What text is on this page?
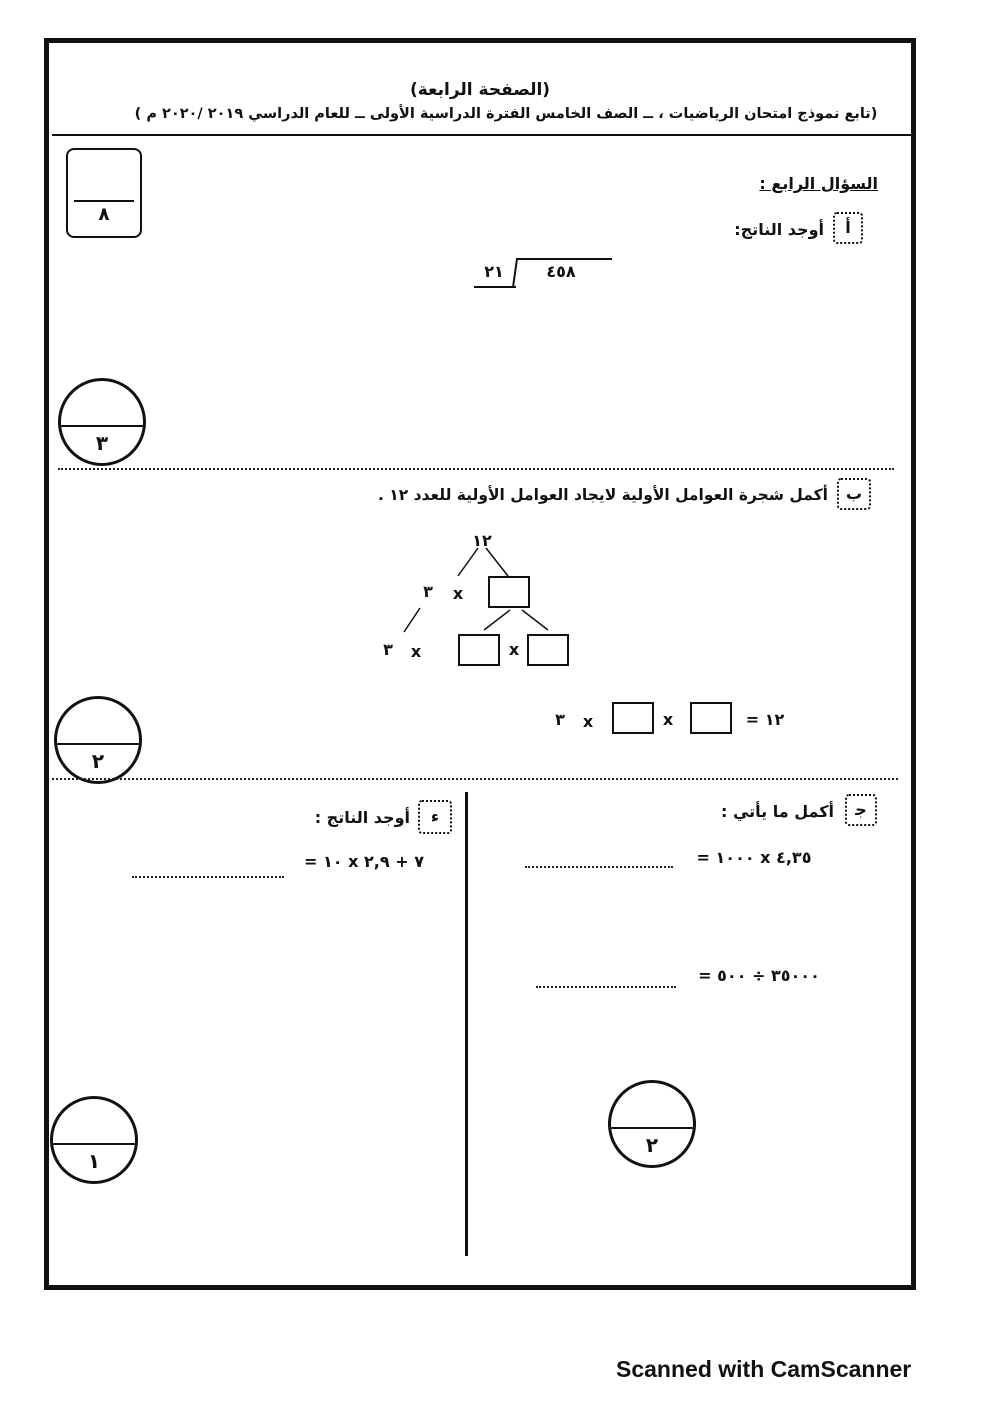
(الصفحة الرابعة)
(تابع نموذج امتحان الرياضيات ، ــ الصف الخامس الفترة الدراسية الأولى ــ للعام الدراسي ٢٠١٩ /٢٠٢٠ م )
٨
السؤال الرابع :
أ
أوجد الناتج:
٢١	٤٥٨
٣
ب
أكمل شجرة العوامل الأولية لايجاد العوامل الأولية للعدد ١٢ .
١٢
٣	x
٣	x	x
٣	x	x	١٢ =
٢
ﺟ
أكمل ما يأتي :
٤,٣٥ x ١٠٠٠ =
٣٥٠٠٠ ÷ ٥٠٠ =
٢
ء
أوجد الناتج :
٧ + ٢,٩ x ١٠ =
١
Scanned with CamScanner
